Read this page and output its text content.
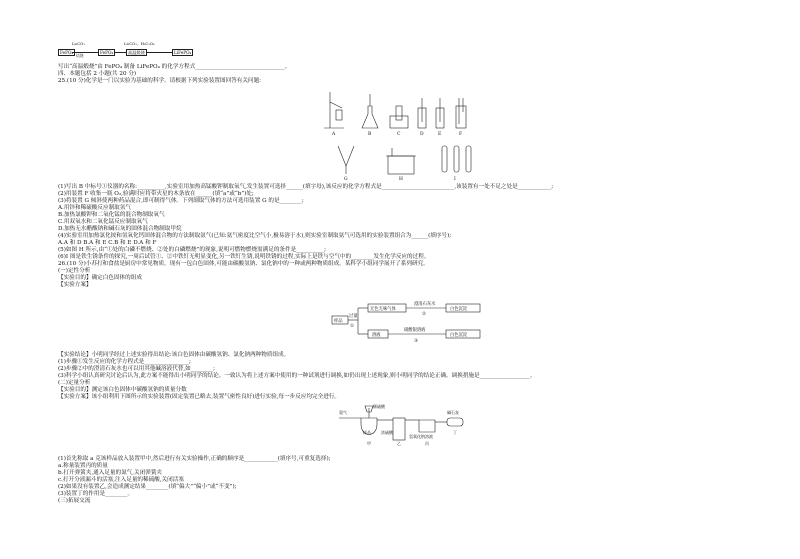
FePO₄
Li₂CO₃
焙烧
FePO₄
Li₂CO₃、H₂C₂O₄
高温煅烧	LiFePO₄
写出“高温煅烧”由 FePO₄ 制备 LiFePO₄ 的化学方程式________________________________。
四、本题包括 2 小题(共 20 分)
25.(10 分)化学是一门以实验为基础的科学。请根据下列实验装置图回答有关问题:
A	B	C	D	E	F
G	H	I
(1)写出 B 中标号①仪器的名称:__________,实验室用加热高锰酸钾制取氧气,发生装置可选择______(填字母),该反应的化学方程式是__________________________,该装置有一处不足之处是____________;
(2)用装置 F 收集一瓶 O₂,验满时应将带火星的木条放在______(填“a”或“b”)处;
(3)将装置 G 倾斜使两种药品混合,即可制得气体。下列制取气体的方法可选用装置 G 的是________;
A.用锌和稀硫酸反应制取氢气
B.加热氯酸钾和二氧化锰的混合物制取氧气
C.用双氧水和二氧化锰反应制取氧气
D.加热无水醋酸钠和碱石灰的固体混合物制取甲烷
(4)实验室用加热氯化铵和氢氧化钙固体混合物的方法制取氨气(已知:氨气密度比空气小,极易溶于水),则实验室制取氨气可选用的实验装置组合为______(填序号);
A.A 和 D B.A 和 E C.B 和 E D.A 和 F
(5)如图 H 所示,由“①处的白磷不燃烧、②处的白磷燃烧”的现象,说明可燃物燃烧需满足的条件是__________;
(6)I 图是铁生锈条件的探究,一周后试管①、②中铁钉无明显变化,另一铁钉生锈,说明铁锈的过程,实际上是铁与空气中的________发生化学反应的过程。
26.(10 分)小苏打和食盐是厨房中常见物质。现有一包白色固体,可能由碳酸氢钠、氯化钠中的一种或两种物质组成。某科学小组同学展开了系列研究。
(一)定性分析
【实验目的】确定白色固体的组成
【实验方案】
样品
过量
①
无色无味气体
澄清石灰水
②
白色沉淀
溶液
硝酸银溶液
③
白色沉淀
【实验结论】小明同学经过上述实验得出结论:该白色固体由碳酸氢钠、氯化钠两种物质组成。
(1)步骤①发生反应的化学方程式是________________;
(2)步骤②中的澄清石灰水也可以用其他碱溶液代替,如________;
(3)科学小组认真研究讨论后认为,此方案不能得出小明同学的结论。一致认为将上述方案中使用的一种试剂进行调换,如仍出现上述现象,则小明同学的结论正确。调换措施是__________________。
(二)定量分析
【实验目的】测定该白色固体中碳酸氢钠的质量分数
【实验方案】该小组利用下图所示的实验装置(固定装置已略去,装置气密性良好)进行实验,每一步反应均完全进行。
氮气
稀硫酸
样品
甲
浓硫酸
乙
氢氧化钠溶液
丙
碱石灰
丁
(1)首先称取 a 克该样品放入装置甲中,然后进行有关实验操作,正确的顺序是____________(填序号,可重复选择);
a.称量装置丙的质量
b.打开弹簧夹,通入足量的氮气,关闭弹簧夹
c.打开分液漏斗的活塞,注入足量的稀硫酸,关闭活塞
(2)如果没有装置乙,会造成测定结果________(填“偏大”“偏小”或“不变”);
(3)装置丁的作用是________。
(三)拓展交流
